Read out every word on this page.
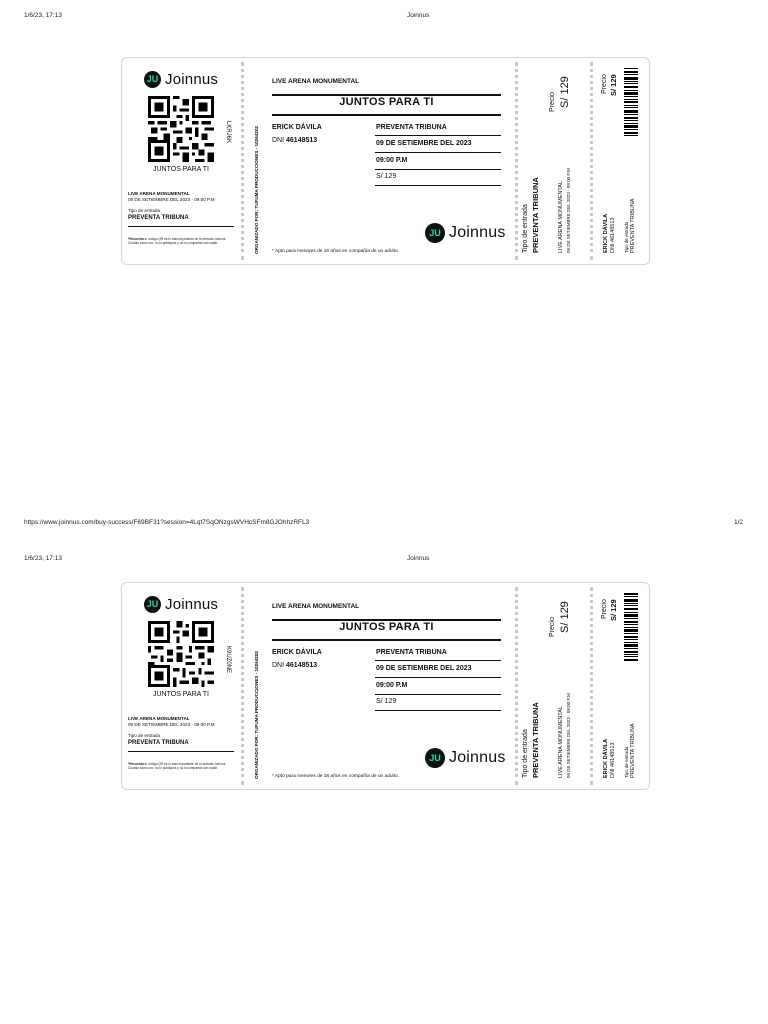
1/6/23, 17:13	Joinnus
JU Joinnus
LKRJ6K
JUNTOS PARA TI
LIVE ARENA MONUMENTAL
09 DE SETIEMBRE DEL 2023 - 09:00 P.M
Tipo de entrada
PREVENTA TRIBUNA
*Recuerda tu código QR es lo más importante de tu entrada Joinnus. Cuídalo como oro, no lo publiques y no lo compartas con nadie.	ORGANIZADO POR: TUFUMA PRODUCCIONES - 10264202
LIVE ARENA MONUMENTAL
JUNTOS PARA TI
ERICK DÁVILA
DNI 46148513
PREVENTA TRIBUNA
09 DE SETIEMBRE DEL 2023
09:00 P.M
S/ 129
JU Joinnus
* Apto para menores de 18 años en compañía de un adulto.	Tipo de entrada PREVENTA TRIBUNA	LIVE ARENA MONUMENTAL 09 DE SETIEMBRE DEL 2023 - 09:00 P.M
Precio S/ 129	Precio S/ 129
ERICK DÁVILA DNI 46148513 Tipo de entrada PREVENTA TRIBUNA
https://www.joinnus.com/buy-success/F69BF31?session=4Lqt7SqONzgsWVHcSFm8GJOhhzRFL3	1/2
1/6/23, 17:13	Joinnus
JU Joinnus
K9UZ0NE
JUNTOS PARA TI
LIVE ARENA MONUMENTAL
09 DE SETIEMBRE DEL 2023 - 09:00 P.M
Tipo de entrada
PREVENTA TRIBUNA
*Recuerda tu código QR es lo más importante de tu entrada Joinnus. Cuídalo como oro, no lo publiques y no lo compartas con nadie.	ORGANIZADO POR: TUFUMA PRODUCCIONES - 10264202
LIVE ARENA MONUMENTAL
JUNTOS PARA TI
ERICK DÁVILA
DNI 46148513
PREVENTA TRIBUNA
09 DE SETIEMBRE DEL 2023
09:00 P.M
S/ 129
JU Joinnus
* Apto para menores de 18 años en compañía de un adulto.	Tipo de entrada PREVENTA TRIBUNA	LIVE ARENA MONUMENTAL 09 DE SETIEMBRE DEL 2023 - 09:00 P.M
Precio S/ 129	Precio S/ 129
ERICK DÁVILA DNI 46148513 Tipo de entrada PREVENTA TRIBUNA
